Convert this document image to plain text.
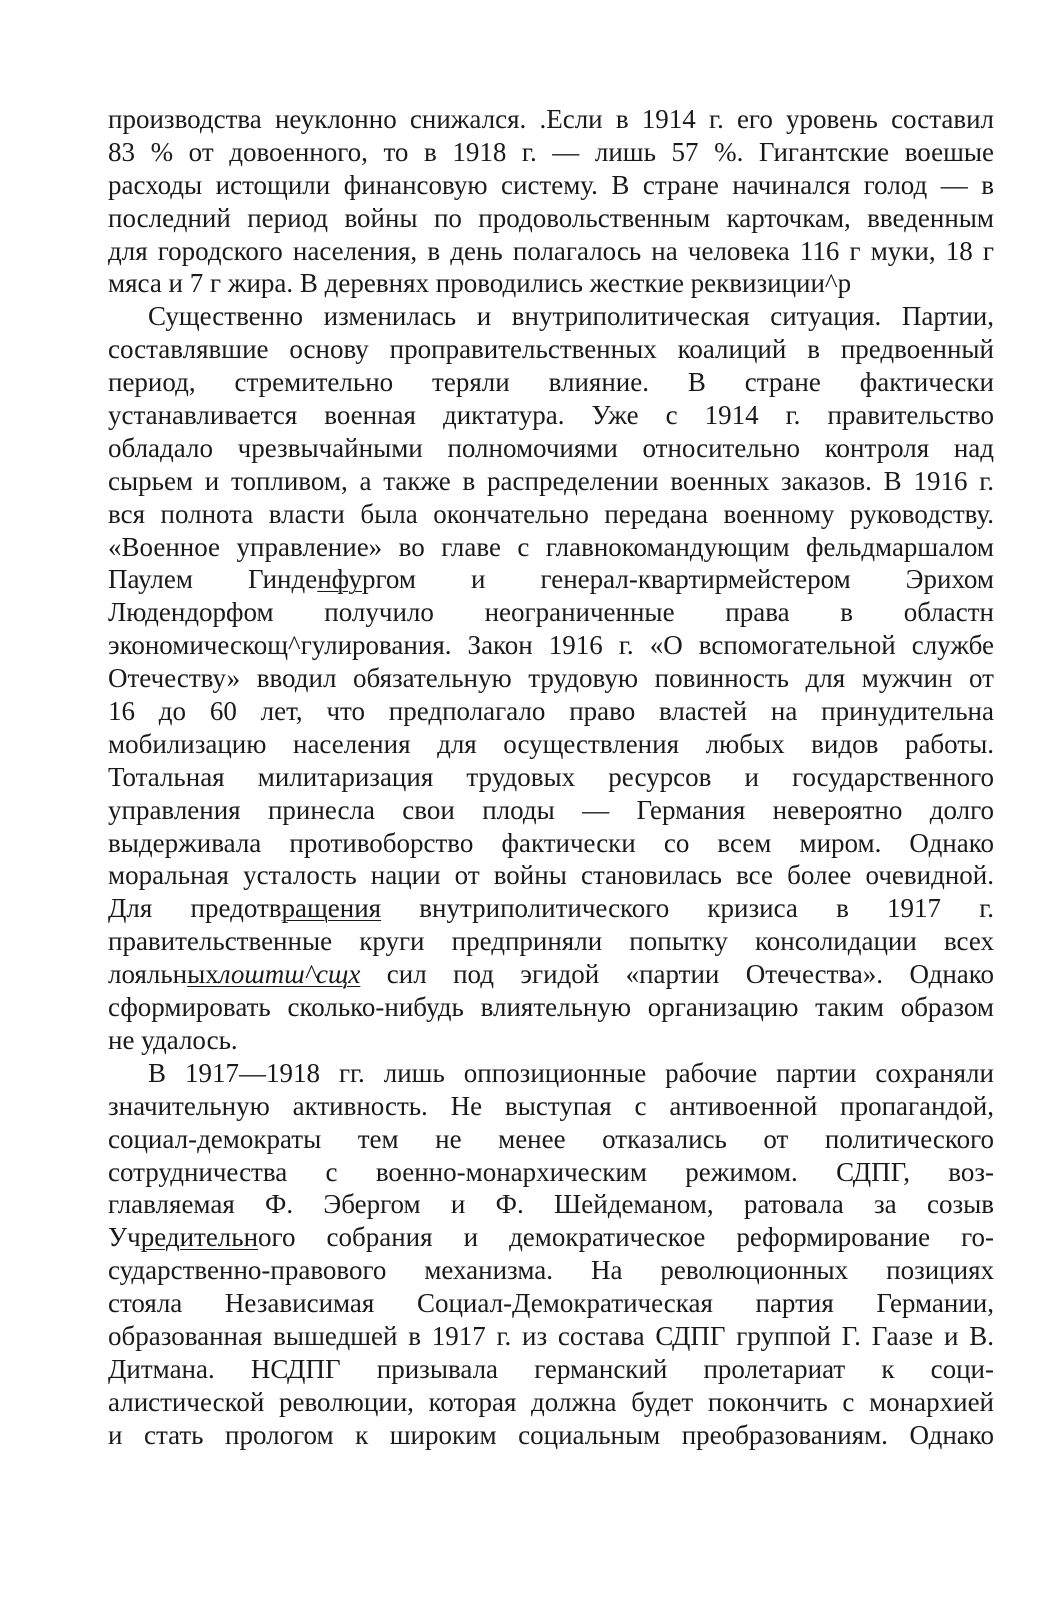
производства неуклонно снижался. .Если в 1914 г. его уровень составил
83 % от довоенного, то в 1918 г. — лишь 57 %. Гигантские воешые
расходы истощили финансовую систему. В стране начинался голод — в
последний период войны по продовольственным карточкам, введенным
для городского населения, в день полагалось на человека 116 г муки, 18 г
мяса и 7 г жира. В деревнях проводились жесткие реквизиции^р

Существенно изменилась и внутриполитическая ситуация. Партии,
составлявшие основу проправительственных коалиций в предвоенный
период, стремительно теряли влияние. В стране фактически
устанавливается военная диктатура. Уже с 1914 г. правительство
обладало чрезвычайными полномочиями относительно контроля над
сырьем и топливом, а также в распределении военных заказов. В 1916 г.
вся полнота власти была окончательно передана военному руководству.
«Военное управление» во главе с главнокомандующим фельдмаршалом
Паулем Гинденфургом и генерал-квартирмейстером Эрихом
Людендорфом получило неограниченные права в областн
экономическощ^гулирования. Закон 1916 г. «О вспомогательной службе
Отечеству» вводил обязательную трудовую повинность для мужчин от
16 до 60 лет, что предполагало право властей на принудительна
мобилизацию населения для осуществления любых видов работы.
Тотальная милитаризация трудовых ресурсов и государственного
управления принесла свои плоды — Германия невероятно долго
выдерживала противоборство фактически со всем миром. Однако
моральная усталость нации от войны становилась все более очевидной.
Для предотвращения внутриполитического кризиса в 1917 г.
правительственные круги предприняли попытку консолидации всех
лояльныхлоштш^сщх сил под эгидой «партии Отечества». Однако
сформировать сколько-нибудь влиятельную организацию таким образом
не удалось.

В 1917—1918 гг. лишь оппозиционные рабочие партии сохраняли
значительную активность. Не выступая с антивоенной пропагандой,
социал-демократы тем не менее отказались от политического
сотрудничества с военно-монархическим режимом. СДПГ, воз-
главляемая Ф. Эбергом и Ф. Шейдеманом, ратовала за созыв
Учредительного собрания и демократическое реформирование го-
сударственно-правового механизма. На революционных позициях
стояла Независимая Социал-Демократическая партия Германии,
образованная вышедшей в 1917 г. из состава СДПГ группой Г. Гаазе и В.
Дитмана. НСДПГ призывала германский пролетариат к соци-
алистической революции, которая должна будет покончить с монархией
и стать прологом к широким социальным преобразованиям. Однако
